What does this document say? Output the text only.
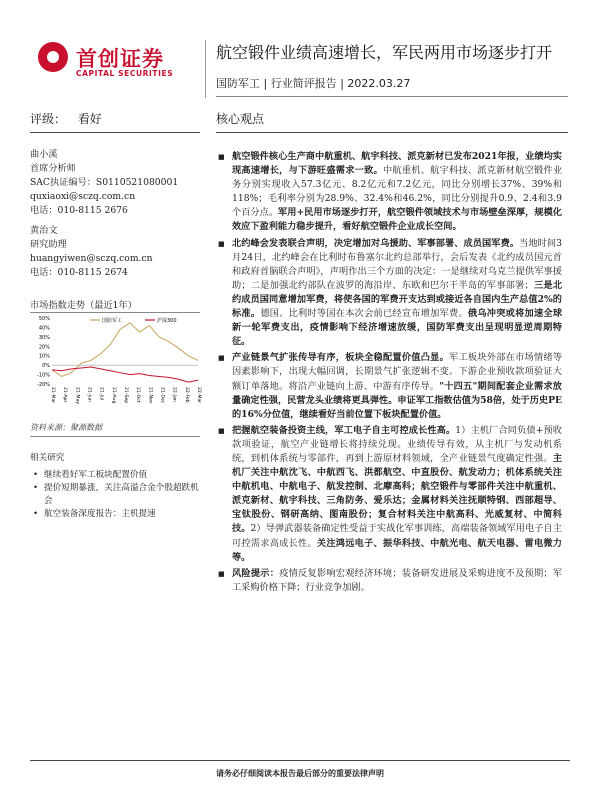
首创证券
CAPITAL SECURITIES
航空锻件业绩高速增长，军民两用市场逐步打开
国防军工 | 行业简评报告 | 2022.03.27
评级： 看好	核心观点
曲小溪
首席分析师
SAC执证编号：S0110521080001
quxiaoxi@sczq.com.cn
电话：010-8115 2676
黄治文
研究助理
huangyiwen@sczq.com.cn
电话：010-8115 2674
市场指数走势（最近1年）
50%
40%
30%
20%
10%
0%
-10%
-20%
21-Mar 21-Apr 21-May 21-Jun 21-Jul 21-Aug 21-Sep 21-Oct 21-Nov 21-Dec 22-Jan 22-Feb 22-Mar
国防军工	沪深300
资料来源：聚源数据
相关研究
• 继续看好军工板块配置价值
• 提价短期暴涨，关注高溢合金个股超跌机会
• 航空装备深度报告：主机提速

■ 航空锻件核心生产商中航重机、航宇科技、派克新材已发布2021年报，业绩均实现高速增长，与下游旺盛需求一致。中航重机、航宇科技、派克新材航空锻件业务分别实现收入57.3亿元、8.2亿元和7.2亿元，同比分别增长37%、39%和118%；毛利率分别为28.9%、32.4%和46.2%，同比分别提升0.9、2.4和3.9个百分点。军用+民用市场逐步打开，航空锻件领域技术与市场壁垒深厚，规模化效应下盈利能力稳步提升，看好航空锻件企业成长空间。

■ 北约峰会发表联合声明，决定增加对乌援助、军事部署、成员国军费。当地时间3月24日，北约峰会在比利时布鲁塞尔北约总部举行，会后发表《北约成员国元首和政府首脑联合声明》，声明作出三个方面的决定：一是继续对乌克兰提供军事援助；二是加强北约部队在波罗的海沿岸、东欧和巴尔干半岛的军事部署；三是北约成员国同意增加军费，将使各国的军费开支达到或接近各自国内生产总值2%的标准。德国、比利时等国在本次会前已经宣布增加军费。俄乌冲突或将加速全球新一轮军费支出，疫情影响下经济增速放缓，国防军费支出呈现明显逆周期特征。

■ 产业链景气扩张传导有序，板块全稳配置价值凸显。军工板块外部在市场情绪等因素影响下，出现大幅回调，长期景气扩张逻辑不变。下游企业预收款项验证大额订单落地。将沿产业链向上游、中游有序传导。"十四五"期间配套企业需求放量确定性强，民营龙头业绩将更具弹性。申证军工指数估值为58倍，处于历史PE的16%分位值，继续看好当前位置下板块配置价值。

■ 把握航空装备投资主线，军工电子自主可控成长性高。1）主机厂合同负债+预收款项验证，航空产业链增长将持续兑现。业绩传导有效，从主机厂与发动机系统，到机体系统与零部件，再到上游原材料领域，全产业链景气度确定性强。主机厂关注中航沈飞、中航西飞、洪都航空、中直股份、航发动力；机体系统关注中航机电、中航电子、航发控制、北摩高科；航空锻件与零部件关注中航重机、派克新材、航宇科技、三角防务、爱乐达；金属材料关注抚顺特钢、西部超导、宝钛股份、钢研高纳、图南股份；复合材料关注中航高科、光威复材、中简科技。2）导弹武器装备确定性受益于实战化军事训练，高端装备领域军用电子自主可控需求高成长性。关注鸿远电子、振华科技、中航光电、航天电器、雷电微力等。

■ 风险提示：疫情反复影响宏观经济环境；装备研发进展及采购进度不及预期；军工采购价格下降；行业竞争加剧。

请务必仔细阅读本报告最后部分的重要法律声明
